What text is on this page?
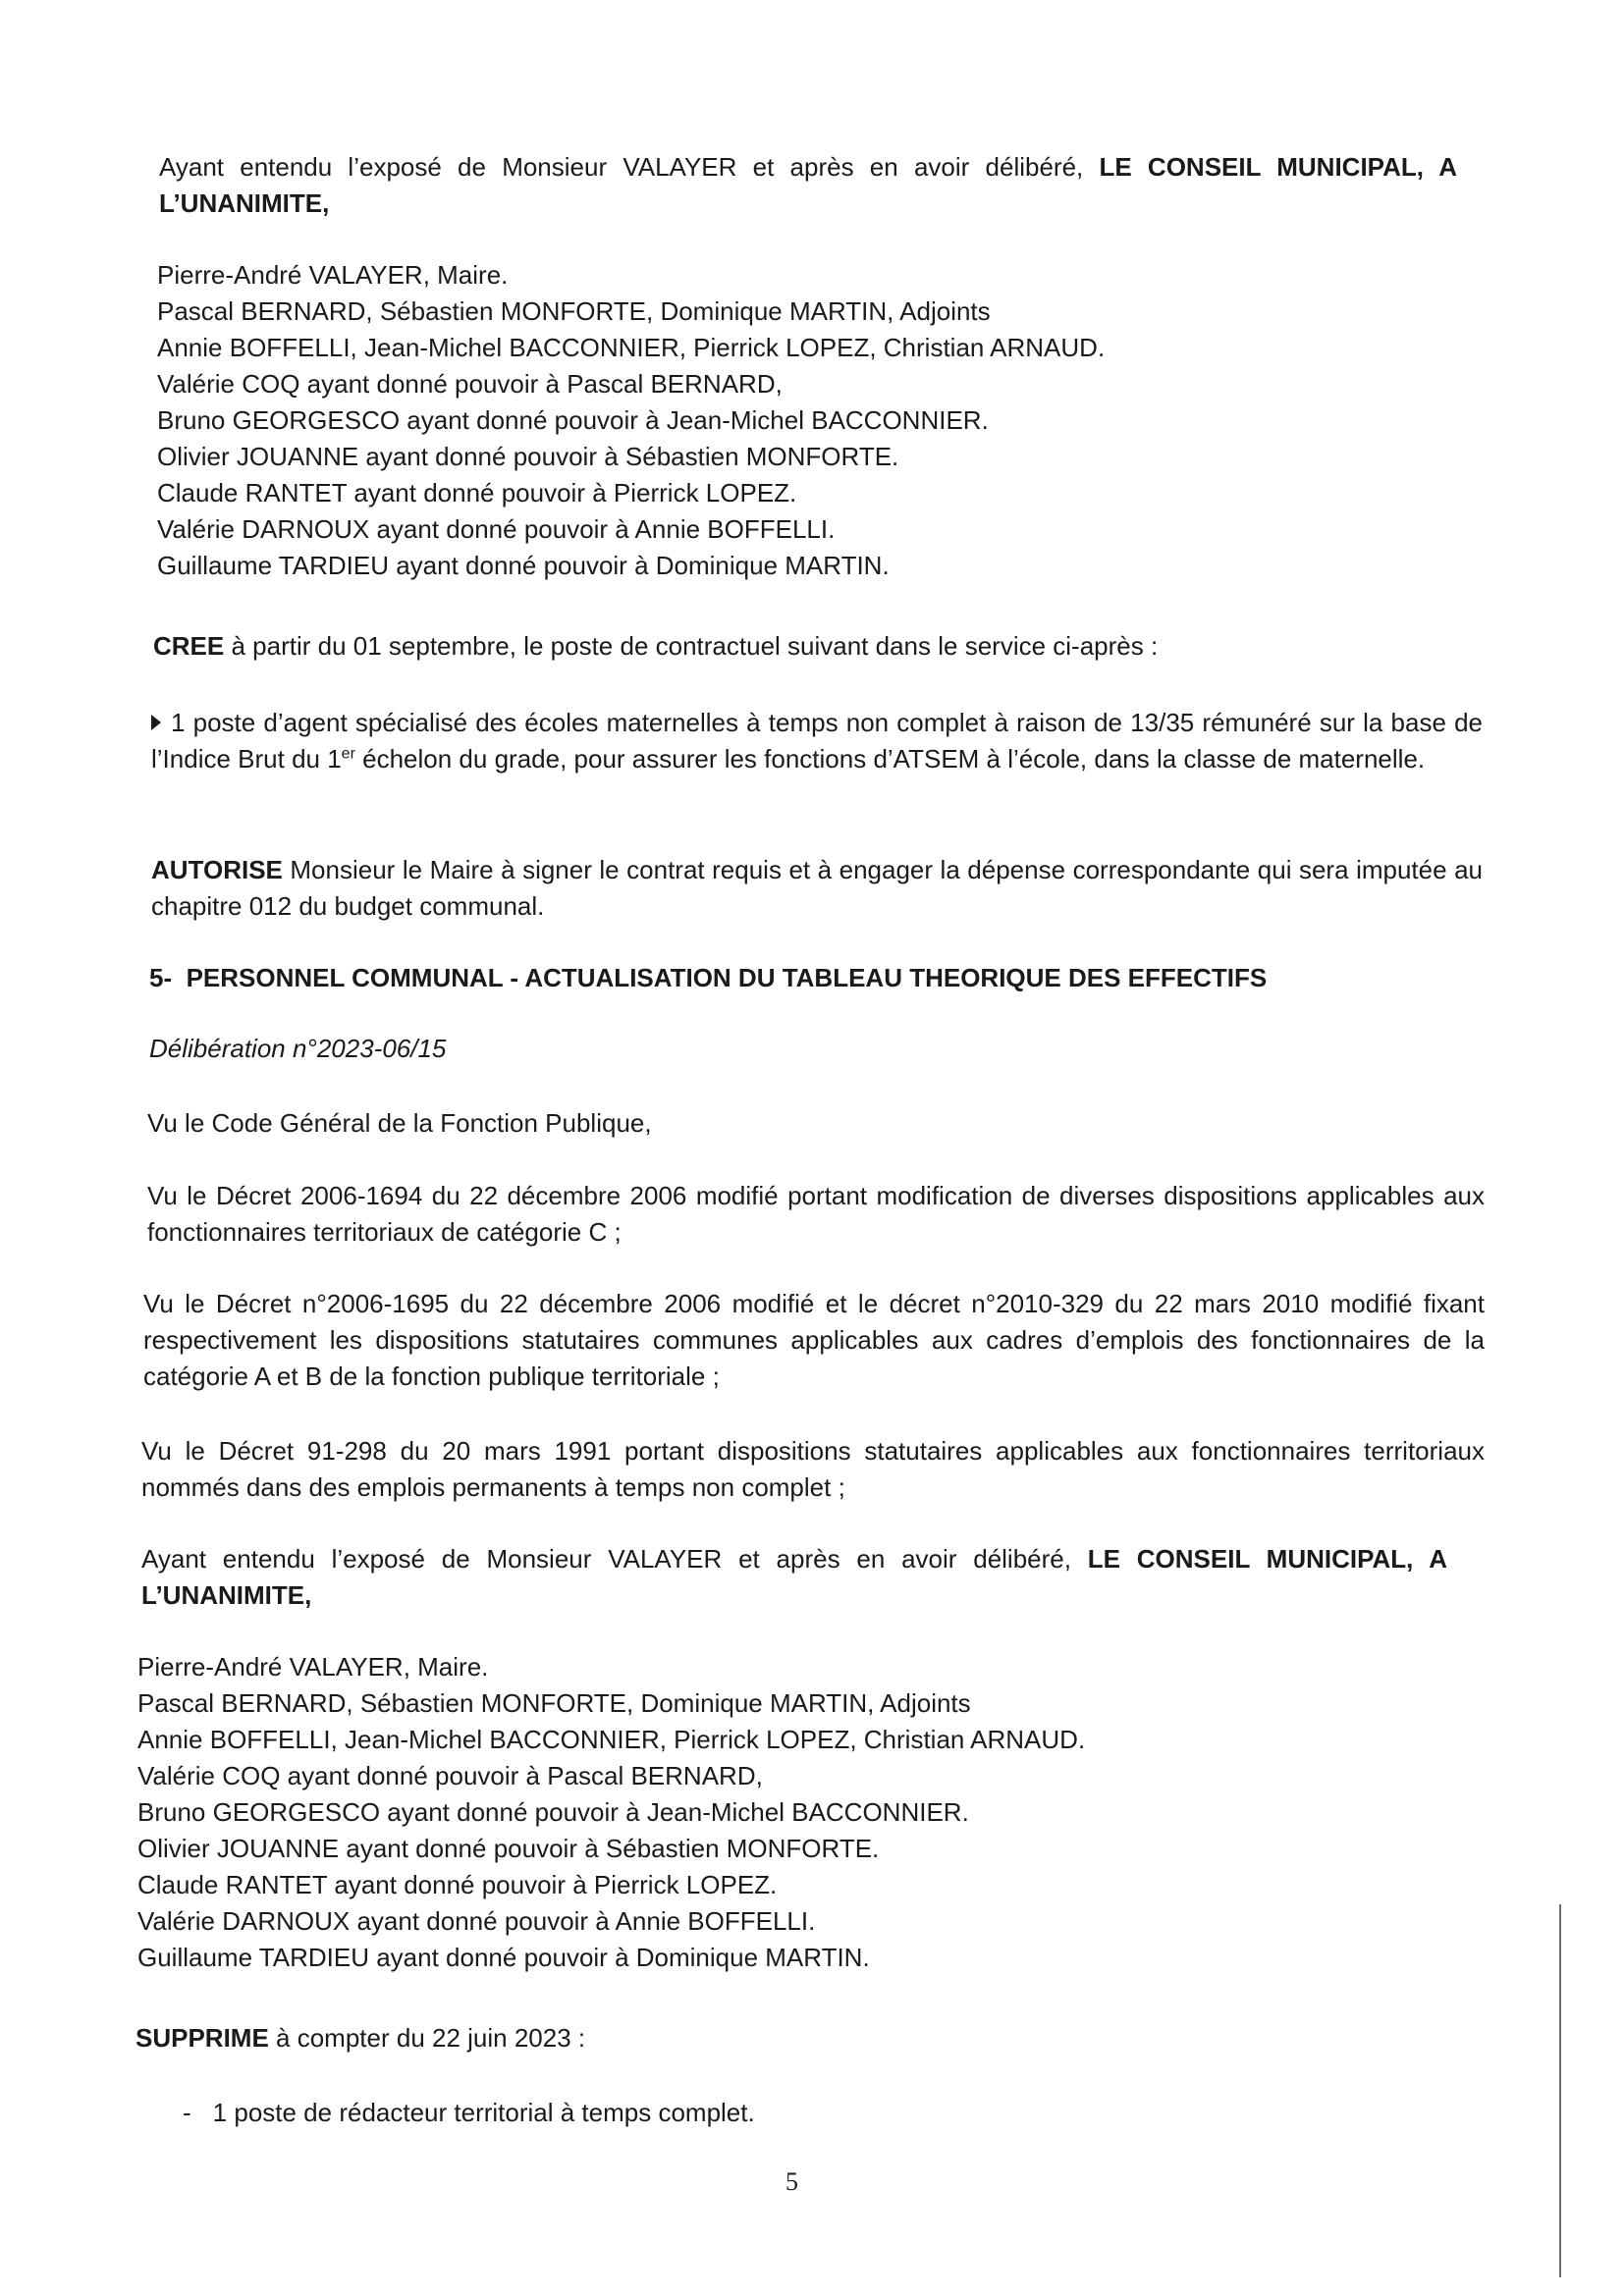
Ayant entendu l’exposé de Monsieur VALAYER et après en avoir délibéré, LE CONSEIL MUNICIPAL, A L’UNANIMITE,
Pierre-André VALAYER, Maire.
Pascal BERNARD, Sébastien MONFORTE, Dominique MARTIN, Adjoints
Annie BOFFELLI, Jean-Michel BACCONNIER, Pierrick LOPEZ, Christian ARNAUD.
Valérie COQ ayant donné pouvoir à Pascal BERNARD,
Bruno GEORGESCO ayant donné pouvoir à Jean-Michel BACCONNIER.
Olivier JOUANNE ayant donné pouvoir à Sébastien MONFORTE.
Claude RANTET ayant donné pouvoir à Pierrick LOPEZ.
Valérie DARNOUX ayant donné pouvoir à Annie BOFFELLI.
Guillaume TARDIEU ayant donné pouvoir à Dominique MARTIN.
CREE à partir du 01 septembre, le poste de contractuel suivant dans le service ci-après :
1 poste d’agent spécialisé des écoles maternelles à temps non complet à raison de 13/35 rémunéré sur la base de l’Indice Brut du 1er échelon du grade, pour assurer les fonctions d’ATSEM à l’école, dans la classe de maternelle.
AUTORISE Monsieur le Maire à signer le contrat requis et à engager la dépense correspondante qui sera imputée au chapitre 012 du budget communal.
5-  PERSONNEL COMMUNAL - ACTUALISATION DU TABLEAU THEORIQUE DES EFFECTIFS
Délibération n°2023-06/15
Vu le Code Général de la Fonction Publique,
Vu le Décret 2006-1694 du 22 décembre 2006 modifié portant modification de diverses dispositions applicables aux fonctionnaires territoriaux de catégorie C ;
Vu le Décret n°2006-1695 du 22 décembre 2006 modifié et le décret n°2010-329 du 22 mars 2010 modifié fixant respectivement les dispositions statutaires communes applicables aux cadres d’emplois des fonctionnaires de la catégorie A et B de la fonction publique territoriale ;
Vu le Décret 91-298 du 20 mars 1991 portant dispositions statutaires applicables aux fonctionnaires territoriaux nommés dans des emplois permanents à temps non complet ;
Ayant entendu l’exposé de Monsieur VALAYER et après en avoir délibéré, LE CONSEIL MUNICIPAL, A L’UNANIMITE,
Pierre-André VALAYER, Maire.
Pascal BERNARD, Sébastien MONFORTE, Dominique MARTIN, Adjoints
Annie BOFFELLI, Jean-Michel BACCONNIER, Pierrick LOPEZ, Christian ARNAUD.
Valérie COQ ayant donné pouvoir à Pascal BERNARD,
Bruno GEORGESCO ayant donné pouvoir à Jean-Michel BACCONNIER.
Olivier JOUANNE ayant donné pouvoir à Sébastien MONFORTE.
Claude RANTET ayant donné pouvoir à Pierrick LOPEZ.
Valérie DARNOUX ayant donné pouvoir à Annie BOFFELLI.
Guillaume TARDIEU ayant donné pouvoir à Dominique MARTIN.
SUPPRIME à compter du 22 juin 2023 :
- 1 poste de rédacteur territorial à temps complet.
5
